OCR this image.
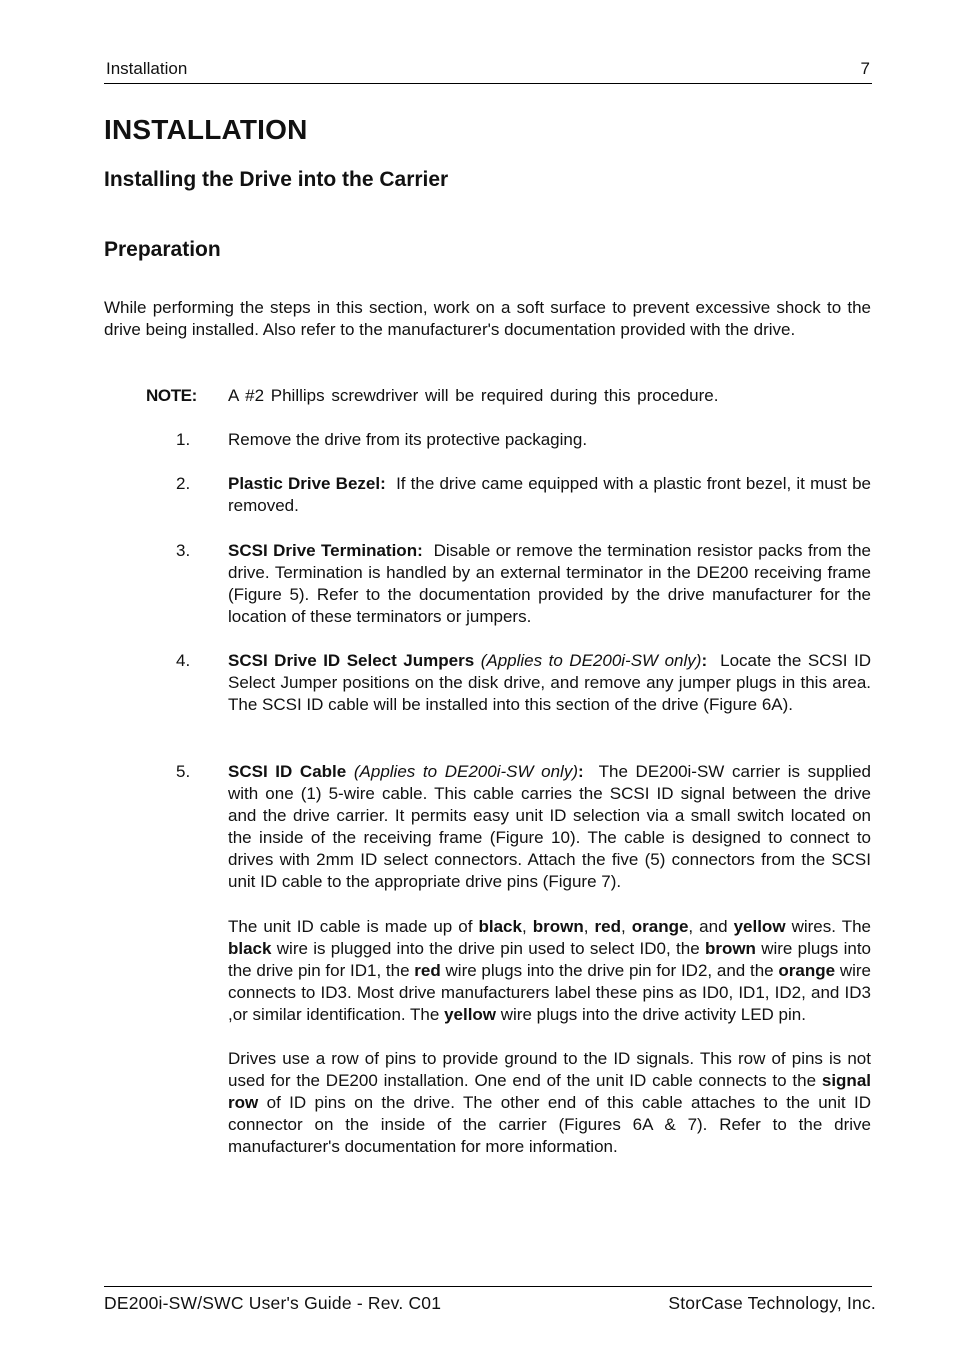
Installation	7
INSTALLATION
Installing the Drive into the Carrier
Preparation

While performing the steps in this section, work on a soft surface to prevent excessive shock to the drive being installed. Also refer to the manufacturer's documentation provided with the drive.

NOTE: A #2 Phillips screwdriver will be required during this procedure.
1. Remove the drive from its protective packaging.
2. Plastic Drive Bezel: If the drive came equipped with a plastic front bezel, it must be removed.
3. SCSI Drive Termination: Disable or remove the termination resistor packs from the drive. Termination is handled by an external terminator in the DE200 receiving frame (Figure 5). Refer to the documentation provided by the drive manufacturer for the location of these terminators or jumpers.
4. SCSI Drive ID Select Jumpers (Applies to DE200i-SW only): Locate the SCSI ID Select Jumper positions on the disk drive, and remove any jumper plugs in this area. The SCSI ID cable will be installed into this section of the drive (Figure 6A).
5. SCSI ID Cable (Applies to DE200i-SW only): The DE200i-SW carrier is supplied with one (1) 5-wire cable. This cable carries the SCSI ID signal between the drive and the drive carrier. It permits easy unit ID selection via a small switch located on the inside of the receiving frame (Figure 10). The cable is designed to connect to drives with 2mm ID select connectors. Attach the five (5) connectors from the SCSI unit ID cable to the appropriate drive pins (Figure 7).

The unit ID cable is made up of black, brown, red, orange, and yellow wires. The black wire is plugged into the drive pin used to select ID0, the brown wire plugs into the drive pin for ID1, the red wire plugs into the drive pin for ID2, and the orange wire connects to ID3. Most drive manufacturers label these pins as ID0, ID1, ID2, and ID3 ,or similar identification. The yellow wire plugs into the drive activity LED pin.

Drives use a row of pins to provide ground to the ID signals. This row of pins is not used for the DE200 installation. One end of the unit ID cable connects to the signal row of ID pins on the drive. The other end of this cable attaches to the unit ID connector on the inside of the carrier (Figures 6A & 7). Refer to the drive manufacturer's documentation for more information.

DE200i-SW/SWC User's Guide - Rev. C01	StorCase Technology, Inc.
